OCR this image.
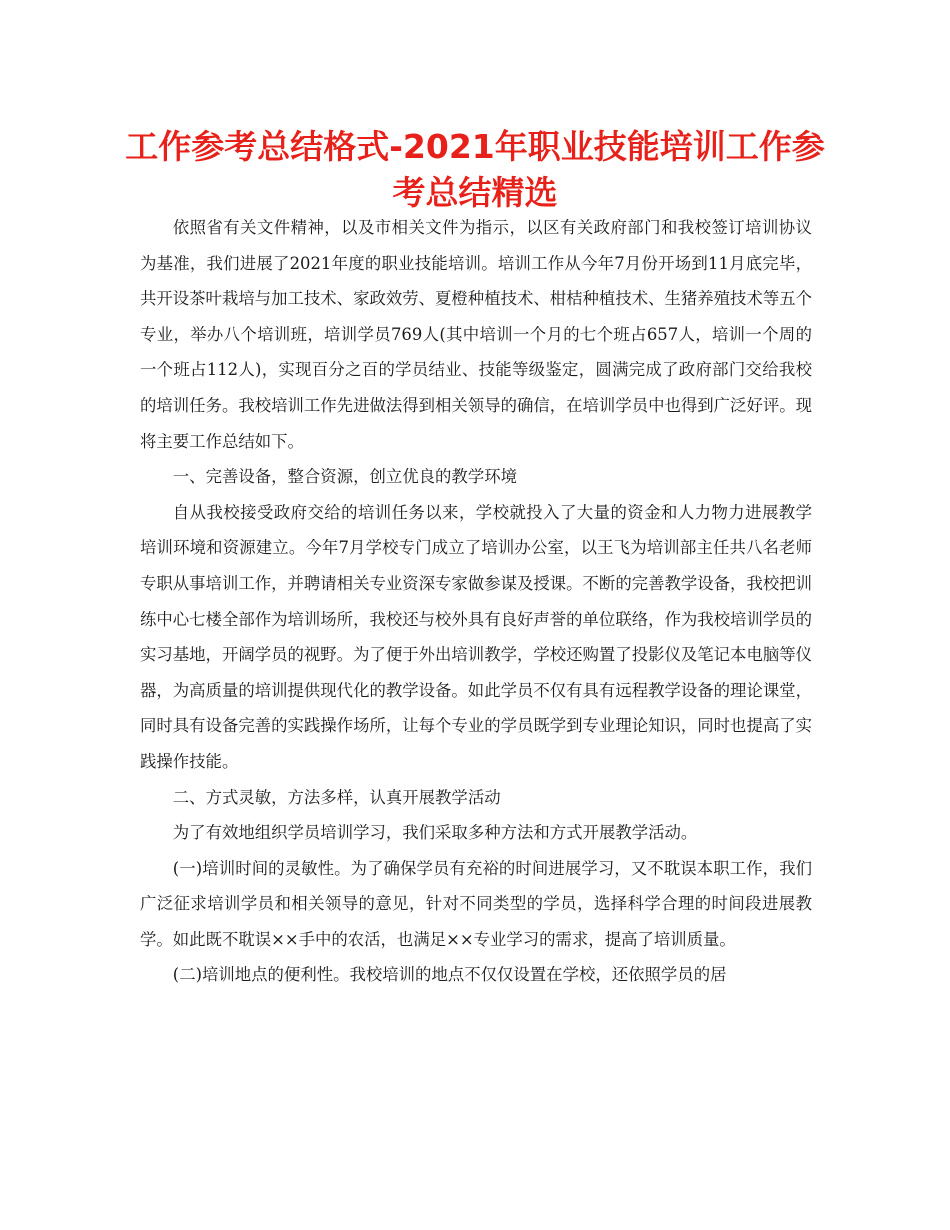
工作参考总结格式-2021年职业技能培训工作参考总结精选

依照省有关文件精神，以及市相关文件为指示，以区有关政府部门和我校签订培训协议为基准，我们进展了2021年度的职业技能培训。培训工作从今年7月份开场到11月底完毕，共开设茶叶栽培与加工技术、家政效劳、夏橙种植技术、柑桔种植技术、生猪养殖技术等五个专业，举办八个培训班，培训学员769人(其中培训一个月的七个班占657人，培训一个周的一个班占112人)，实现百分之百的学员结业、技能等级鉴定，圆满完成了政府部门交给我校的培训任务。我校培训工作先进做法得到相关领导的确信，在培训学员中也得到广泛好评。现将主要工作总结如下。

一、完善设备，整合资源，创立优良的教学环境

自从我校接受政府交给的培训任务以来，学校就投入了大量的资金和人力物力进展教学培训环境和资源建立。今年7月学校专门成立了培训办公室，以王飞为培训部主任共八名老师专职从事培训工作，并聘请相关专业资深专家做参谋及授课。不断的完善教学设备，我校把训练中心七楼全部作为培训场所，我校还与校外具有良好声誉的单位联络，作为我校培训学员的实习基地，开阔学员的视野。为了便于外出培训教学，学校还购置了投影仪及笔记本电脑等仪器，为高质量的培训提供现代化的教学设备。如此学员不仅有具有远程教学设备的理论课堂，同时具有设备完善的实践操作场所，让每个专业的学员既学到专业理论知识，同时也提高了实践操作技能。

二、方式灵敏，方法多样，认真开展教学活动

为了有效地组织学员培训学习，我们采取多种方法和方式开展教学活动。

(一)培训时间的灵敏性。为了确保学员有充裕的时间进展学习，又不耽误本职工作，我们广泛征求培训学员和相关领导的意见，针对不同类型的学员，选择科学合理的时间段进展教学。如此既不耽误××手中的农活，也满足××专业学习的需求，提高了培训质量。

(二)培训地点的便利性。我校培训的地点不仅仅设置在学校，还依照学员的居
